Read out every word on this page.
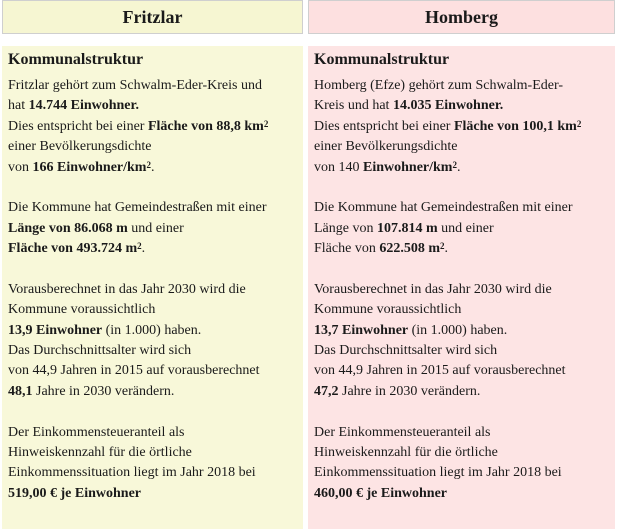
Fritzlar
Kommunalstruktur
Fritzlar gehört zum Schwalm-Eder-Kreis und
hat 14.744 Einwohner.
Dies entspricht bei einer Fläche von 88,8 $km^2$
einer Bevölkerungsdichte
von 166 Einwohner/$km^2$.
Die Kommune hat Gemeindestraßen mit einer
Länge von 86.068 m und einer
Fläche von 493.724 $m^2$.
Vorausberechnet in das Jahr 2030 wird die
Kommune voraussichtlich
13,9 Einwohner (in 1.000) haben.
Das Durchschnittsalter wird sich
von 44,9 Jahren in 2015 auf vorausberechnet
48,1 Jahre in 2030 verändern.
Der Einkommensteueranteil als
Hinweiskennzahl für die örtliche
Einkommenssituation liegt im Jahr 2018 bei
519,00 € je Einwohner
Homberg
Kommunalstruktur
Homberg (Efze) gehört zum Schwalm-Eder-
Kreis und hat 14.035 Einwohner.
Dies entspricht bei einer Fläche von 100,1 $km^2$
einer Bevölkerungsdichte
von 140 Einwohner/$km^2$.
Die Kommune hat Gemeindestraßen mit einer
Länge von 107.814 m und einer
Fläche von 622.508 $m^2$.
Vorausberechnet in das Jahr 2030 wird die
Kommune voraussichtlich
13,7 Einwohner (in 1.000) haben.
Das Durchschnittsalter wird sich
von 44,9 Jahren in 2015 auf vorausberechnet
47,2 Jahre in 2030 verändern.
Der Einkommensteueranteil als
Hinweiskennzahl für die örtliche
Einkommenssituation liegt im Jahr 2018 bei
460,00 € je Einwohner
